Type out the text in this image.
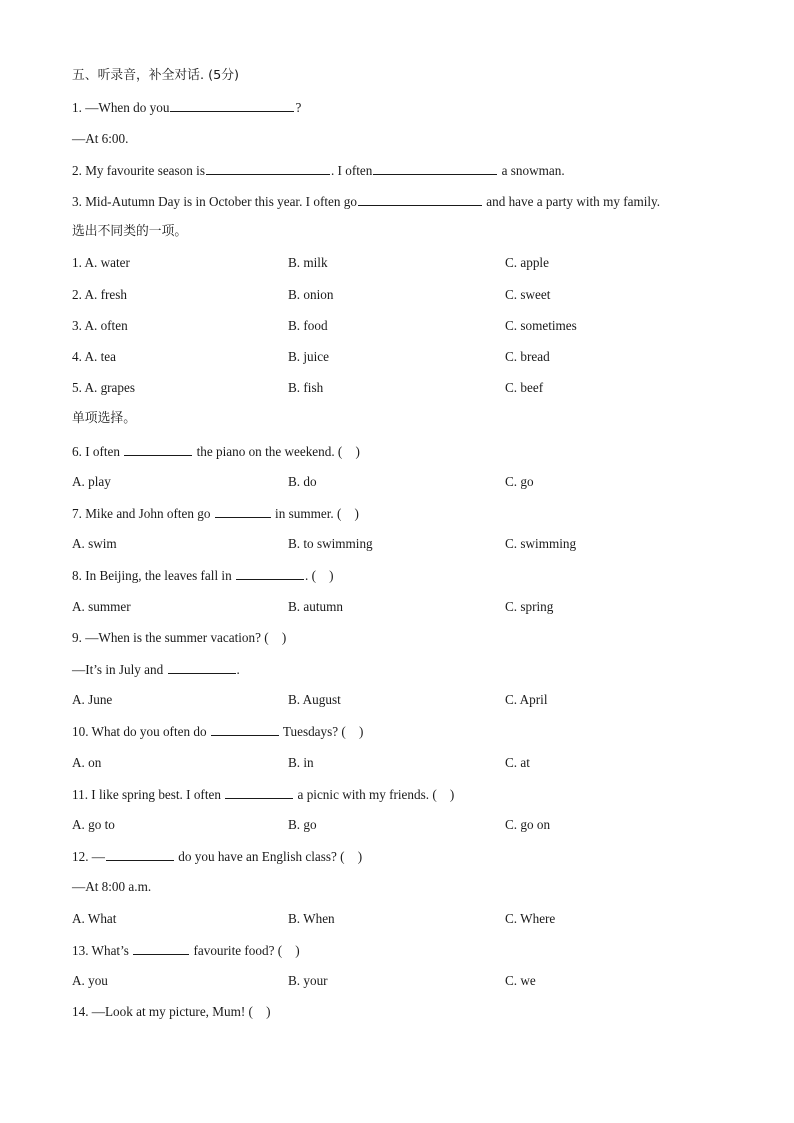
五、听录音，补全对话. (5分)
1. —When do you	?
—At 6:00.
2. My favourite season is	. I often	a snowman.
3. Mid-Autumn Day is in October this year. I often go	and have a party with my family.
选出不同类的一项。
1. A. water	B. milk	C. apple
2. A. fresh	B. onion	C. sweet
3. A. often	B. food	C. sometimes
4. A. tea	B. juice	C. bread
5. A. grapes	B. fish	C. beef
单项选择。
6. I often	the piano on the weekend. (　)
A. play	B. do	C. go
7. Mike and John often go	in summer. (　)
A. swim	B. to swimming	C. swimming
8. In Beijing, the leaves fall in	. (　)
A. summer	B. autumn	C. spring
9. —When is the summer vacation? (　)
—It’s in July and	.
A. June	B. August	C. April
10. What do you often do	Tuesdays? (　)
A. on	B. in	C. at
11. I like spring best. I often	a picnic with my friends. (　)
A. go to	B. go	C. go on
12. —	do you have an English class? (　)
—At 8:00 a.m.
A. What	B. When	C. Where
13. What’s	favourite food? (　)
A. you	B. your	C. we
14. —Look at my picture, Mum! (　)
